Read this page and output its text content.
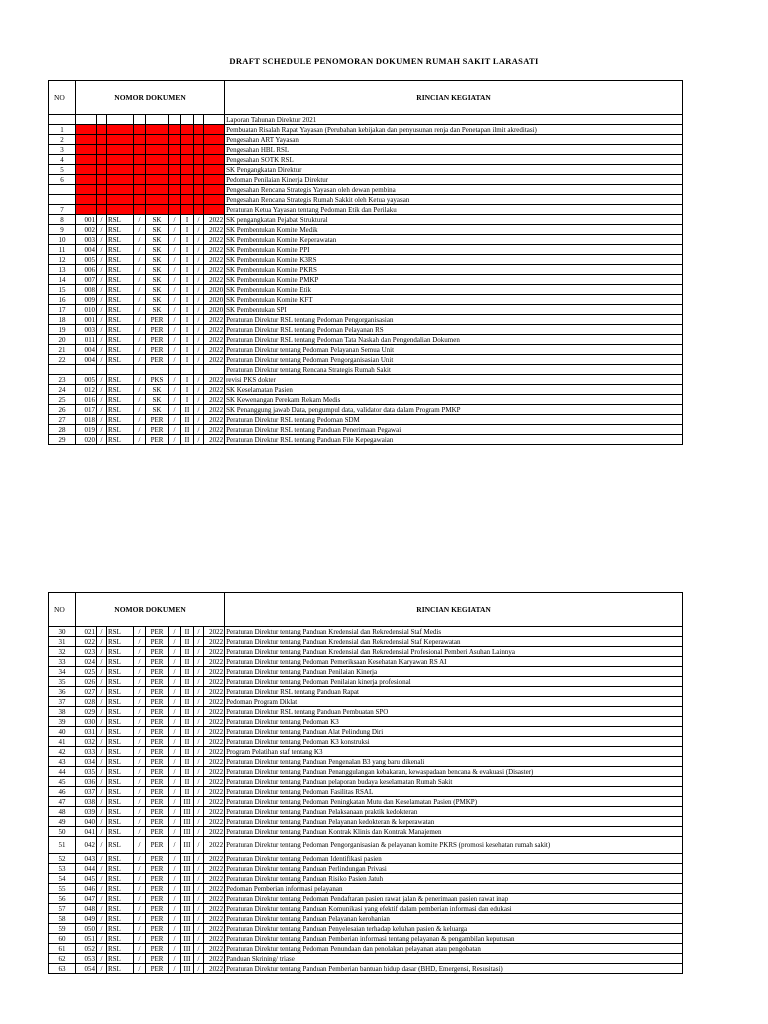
DRAFT SCHEDULE PENOMORAN DOKUMEN RUMAH SAKIT LARASATI
NO	NOMOR DOKUMEN									RINCIAN KEGIATAN
										Laporan Tahunan Direktur 2021
1										Pembuatan Risalah Rapat Yayasan (Perubahan kebijakan dan penyusunan renja dan Penetapan ilmit akreditasi)
2										Pengesahan ART Yayasan
3										Pengesahan HBL RSL
4										Pengesahan SOTK RSL
5										SK Pengangkatan Direktur
6										Pedoman Penilaian Kinerja Direktur
										Pengesahan Rencana Strategis Yayasan oleh dewan pembina
										Pengesahan Rencana Strategis Rumah Sakkit oleh Ketua yayasan
7										Peraturan Ketua Yayasan tentang Pedoman Etik dan Perilaku
8	001	/	RSL	/	SK	/	I	/	2022	SK pengangkatan Pejabat Struktural
9	002	/	RSL	/	SK	/	I	/	2022	SK Pembentukan Komite Medik
10	003	/	RSL	/	SK	/	I	/	2022	SK Pembentukan Komite Keperawatan
11	004	/	RSL	/	SK	/	I	/	2022	SK Pembentukan Komite PPI
12	005	/	RSL	/	SK	/	I	/	2022	SK Pembentukan Komite K3RS
13	006	/	RSL	/	SK	/	I	/	2022	SK Pembentukan Komite PKRS
14	007	/	RSL	/	SK	/	I	/	2022	SK Pembentukan Komite PMKP
15	008	/	RSL	/	SK	/	I	/	2020	SK Pembentukan Komite Etik
16	009	/	RSL	/	SK	/	I	/	2020	SK Pembentukan Komite KFT
17	010	/	RSL	/	SK	/	I	/	2020	SK Pembentukan SPI
18	001	/	RSL	/	PER	/	I	/	2022	Peraturan Direktur RSL tentang Pedoman Pengorganisasian
19	003	/	RSL	/	PER	/	I	/	2022	Peraturan Direktur RSL tentang Pedoman Pelayanan RS
20	011	/	RSL	/	PER	/	I	/	2022	Peraturan Direktur RSL tentang Pedoman Tata Naskah dan Pengendalian Dokumen
21	004	/	RSL	/	PER	/	I	/	2022	Peraturan Direktur tentang Pedoman Pelayanan Semua Unit
22	004	/	RSL	/	PER	/	I	/	2022	Peraturan Direktur tentang Pedoman Pengorganisasian Unit
										Peraturan Direktur tentang Rencana Strategis Rumah Sakit
23	005	/	RSL	/	PKS	/	I	/	2022	revisi PKS dokter
24	012	/	RSL	/	SK	/	I	/	2022	SK Keselamatan Pasien
25	016	/	RSL	/	SK	/	I	/	2022	SK Kewenangan Perekam Rekam Medis
26	017	/	RSL	/	SK	/	II	/	2022	SK Penanggung jawab Data, pengumpul data, validator data dalam Program PMKP
27	018	/	RSL	/	PER	/	II	/	2022	Peraturan Direktur RSL tentang Pedoman SDM
28	019	/	RSL	/	PER	/	II	/	2022	Peraturan Direktur RSL tentang Panduan Penerimaan Pegawai
29	020	/	RSL	/	PER	/	II	/	2022	Peraturan Direktur RSL tentang Panduan File Kepegawaian
NO	NOMOR DOKUMEN									RINCIAN KEGIATAN
30	021	/	RSL	/	PER	/	II	/	2022	Peraturan Direktur tentang Panduan Kredensial dan Rekredensial Staf Medis
31	022	/	RSL	/	PER	/	II	/	2022	Peraturan Direktur tentang Panduan Kredensial dan Rekredensial Staf Keperawatan
32	023	/	RSL	/	PER	/	II	/	2022	Peraturan Direktur tentang Panduan Kredensial dan Rekredensial Profesional Pemberi Asuhan Lainnya
33	024	/	RSL	/	PER	/	II	/	2022	Peraturan Direktur tentang Pedoman Pemeriksaan Kesehatan Karyawan RS AI
34	025	/	RSL	/	PER	/	II	/	2022	Peraturan Direktur tentang Panduan Penilaian Kinerja
35	026	/	RSL	/	PER	/	II	/	2022	Peraturan Direktur tentang Pedoman Penilaian kinerja profesional
36	027	/	RSL	/	PER	/	II	/	2022	Peraturan Direktur RSL tentang Panduan Rapat
37	028	/	RSL	/	PER	/	II	/	2022	Pedoman Program Diklat
38	029	/	RSL	/	PER	/	II	/	2022	Peraturan Direktur RSL tentang Panduan Pembuatan SPO
39	030	/	RSL	/	PER	/	II	/	2022	Peraturan Direktur tentang Pedoman K3
40	031	/	RSL	/	PER	/	II	/	2022	Peraturan Direktur tentang Panduan Alat Pelindung Diri
41	032	/	RSL	/	PER	/	II	/	2022	Peraturan Direktur tentang Pedoman K3 konstruksi
42	033	/	RSL	/	PER	/	II	/	2022	Program Pelatihan staf tentang K3
43	034	/	RSL	/	PER	/	II	/	2022	Peraturan Direktur tentang Panduan Pengenalan B3 yang baru dikenali
44	035	/	RSL	/	PER	/	II	/	2022	Peraturan Direktur tentang Panduan Penanggulangan kebakaran, kewaspadaan bencana & evakuasi (Disaster)
45	036	/	RSL	/	PER	/	II	/	2022	Peraturan Direktur tentang Panduan pelaporan budaya keselamatan Rumah Sakit
46	037	/	RSL	/	PER	/	II	/	2022	Peraturan Direktur tentang Pedoman Fasilitas RSAL
47	038	/	RSL	/	PER	/	III	/	2022	Peraturan Direktur tentang Pedoman Peningkatan Mutu dan Keselamatan Pasien (PMKP)
48	039	/	RSL	/	PER	/	III	/	2022	Peraturan Direktur tentang Panduan Pelaksanaan praktik kedokteran
49	040	/	RSL	/	PER	/	III	/	2022	Peraturan Direktur tentang Panduan Pelayanan kedokteran & keperawatan
50	041	/	RSL	/	PER	/	III	/	2022	Peraturan Direktur tentang Panduan Kontrak Klinis dan Kontrak Manajemen
51	042	/	RSL	/	PER	/	III	/	2022	Peraturan Direktur tentang Pedoman Pengorganisasian & pelayanan komite PKRS (promosi kesehatan rumah sakit)
52	043	/	RSL	/	PER	/	III	/	2022	Peraturan Direktur tentang Pedoman Identifikasi pasien
53	044	/	RSL	/	PER	/	III	/	2022	Peraturan Direktur tentang Panduan Perlindungan Privasi
54	045	/	RSL	/	PER	/	III	/	2022	Peraturan Direktur tentang Panduan Risiko Pasien Jatuh
55	046	/	RSL	/	PER	/	III	/	2022	Pedoman Pemberian informasi pelayanan
56	047	/	RSL	/	PER	/	III	/	2022	Peraturan Direktur tentang Pedoman Pendaftaran pasien rawat jalan & penerimaan pasien rawat inap
57	048	/	RSL	/	PER	/	III	/	2022	Peraturan Direktur tentang Panduan Komunikasi yang efektif dalam pemberian informasi dan edukasi
58	049	/	RSL	/	PER	/	III	/	2022	Peraturan Direktur tentang Panduan Pelayanan kerohanian
59	050	/	RSL	/	PER	/	III	/	2022	Peraturan Direktur tentang Panduan Penyelesaian terhadap keluhan pasien & keluarga
60	051	/	RSL	/	PER	/	III	/	2022	Peraturan Direktur tentang Panduan Pemberian informasi tentang pelayanan & pengambilan keputusan
61	052	/	RSL	/	PER	/	III	/	2022	Peraturan Direktur tentang Pedoman Penundaan dan penolakan pelayanan atau pengobatan
62	053	/	RSL	/	PER	/	III	/	2022	Panduan Skrining/ triase
63	054	/	RSL	/	PER	/	III	/	2022	Peraturan Direktur tentang Panduan Pemberian bantuan hidup dasar (BHD, Emergensi, Resusitasi)
